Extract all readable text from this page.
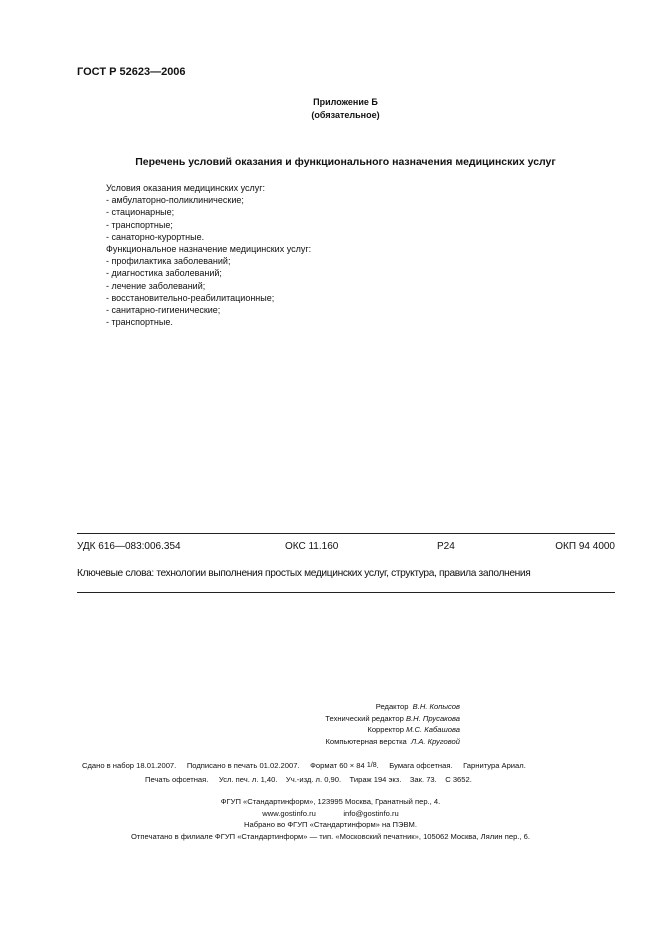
ГОСТ Р 52623—2006
Приложение Б
(обязательное)
Перечень условий оказания и функционального назначения медицинских услуг
Условия оказания медицинских услуг:
- амбулаторно-поликлинические;
- стационарные;
- транспортные;
- санаторно-курортные.
Функциональное назначение медицинских услуг:
- профилактика заболеваний;
- диагностика заболеваний;
- лечение заболеваний;
- восстановительно-реабилитационные;
- санитарно-гигиенические;
- транспортные.
УДК 616—083:006.354	ОКС 11.160	Р24	ОКП 94 4000
Ключевые слова: технологии выполнения простых медицинских услуг, структура, правила заполнения
Редактор В.Н. Копысов
Технический редактор В.Н. Прусакова
Корректор М.С. Кабашова
Компьютерная верстка Л.А. Круговой
Сдано в набор 18.01.2007. Подписано в печать 01.02.2007. Формат 60 × 84 1/8.     Бумага офсетная. Гарнитура Ариал.
Печать офсетная. Усл. печ. л. 1,40. Уч.-изд. л. 0,90. Тираж 194 экз. Зак. 73. С 3652.
ФГУП «Стандартинформ», 123995 Москва, Гранатный пер., 4.
www.gostinfo.ru	info@gostinfo.ru
Набрано во ФГУП «Стандартинформ» на ПЭВМ.
Отпечатано в филиале ФГУП «Стандартинформ» — тип. «Московский печатник», 105062 Москва, Лялин пер., 6.
